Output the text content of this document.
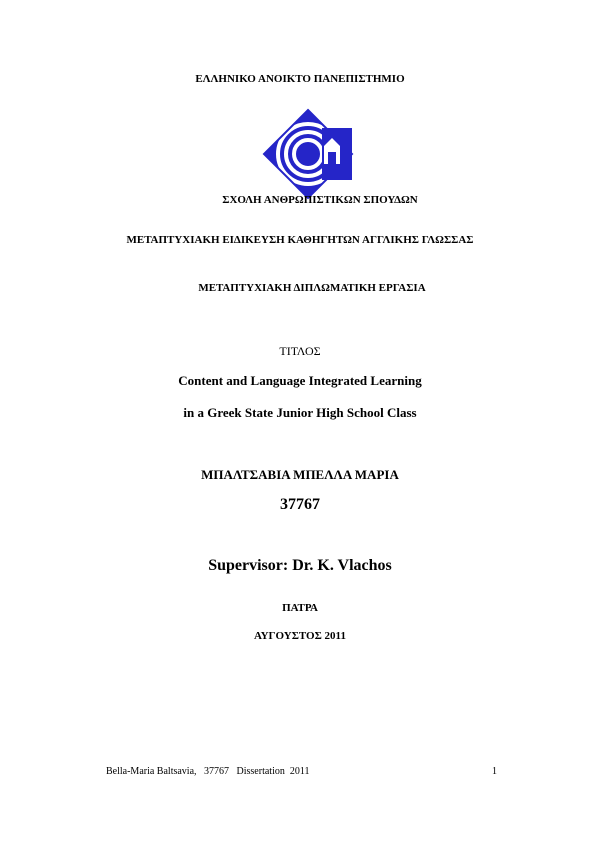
ΕΛΛΗΝΙΚΟ ΑΝΟΙΚΤΟ ΠΑΝΕΠΙΣΤΗΜΙΟ
ΣΧΟΛΗ ΑΝΘΡΩΠΙΣΤΙΚΩΝ ΣΠΟΥΔΩΝ
ΜΕΤΑΠΤΥΧΙΑΚΗ ΕΙΔΙΚΕΥΣΗ ΚΑΘΗΓΗΤΩΝ ΑΓΓΛΙΚΗΣ ΓΛΩΣΣΑΣ
ΜΕΤΑΠΤΥΧΙΑΚΗ ΔΙΠΛΩΜΑΤΙΚΗ ΕΡΓΑΣΙΑ
ΤΙΤΛΟΣ
Content and Language Integrated Learning
in a Greek State Junior High School Class
ΜΠΑΛΤΣΑΒΙΑ ΜΠΕΛΛΑ ΜΑΡΙΑ
37767
Supervisor: Dr. K. Vlachos
ΠΑΤΡΑ
ΑΥΓΟΥΣΤΟΣ 2011
Bella-Maria Baltsavia,   37767   Dissertation  2011	1
